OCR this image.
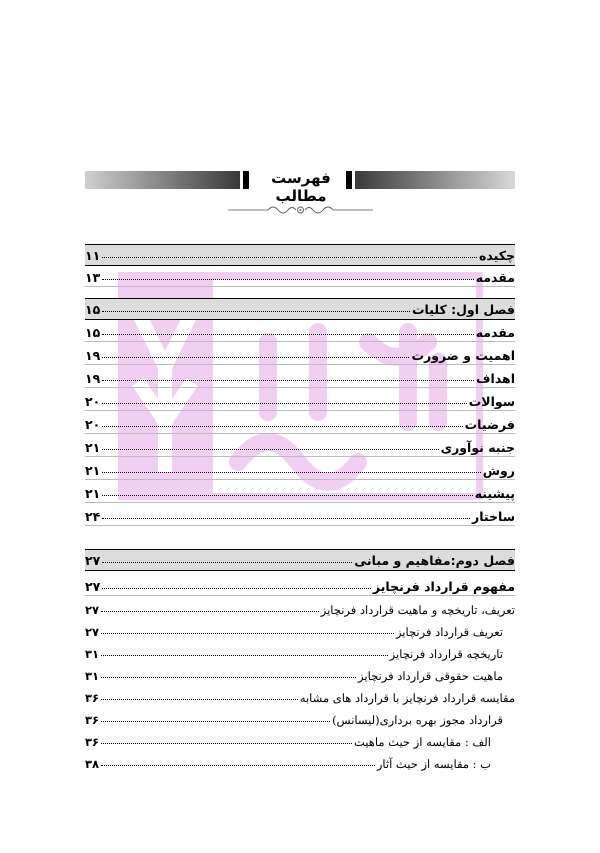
فهرست مطالب
چکیده
۱۱
مقدمه
۱۳
فصل اول: کلیات
۱۵
مقدمه
۱۵
اهمیت و ضرورت
۱۹
اهداف
۱۹
سوالات
۲۰
فرضیات
۲۰
جنبه نوآوری
۲۱
روش
۲۱
پیشینه
۲۱
ساختار
۲۴
فصل دوم:مفاهیم و مبانی
۲۷
مفهوم قرارداد فرنچایز
۲۷
تعریف، تاریخچه و ماهیت قرارداد فرنچایز
۲۷
تعریف قرارداد فرنچایز
۲۷
تاریخچه قرارداد فرنچایز
۳۱
ماهیت حقوقی قرارداد فرنچایز
۳۱
مقایسه قرارداد فرنچایز با قرارداد های مشابه
۳۶
قرارداد مجوز بهره برداری(لیسانس)
۳۶
الف : مقایسه از حیث ماهیت
۳۶
ب : مقایسه از حیث آثار
۳۸
